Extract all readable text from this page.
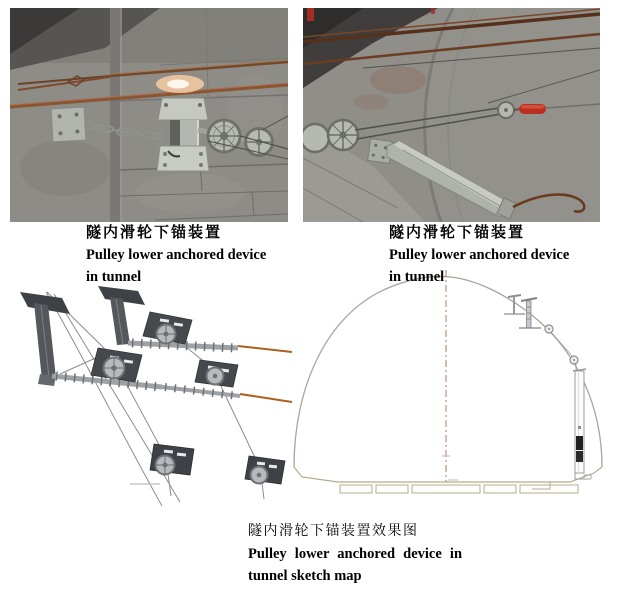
隧内滑轮下锚装置
Pulley lower anchored device
in tunnel
隧内滑轮下锚装置
Pulley lower anchored device
in tunnel
隧内滑轮下锚装置效果图
Pulley lower anchored device in
tunnel sketch map
